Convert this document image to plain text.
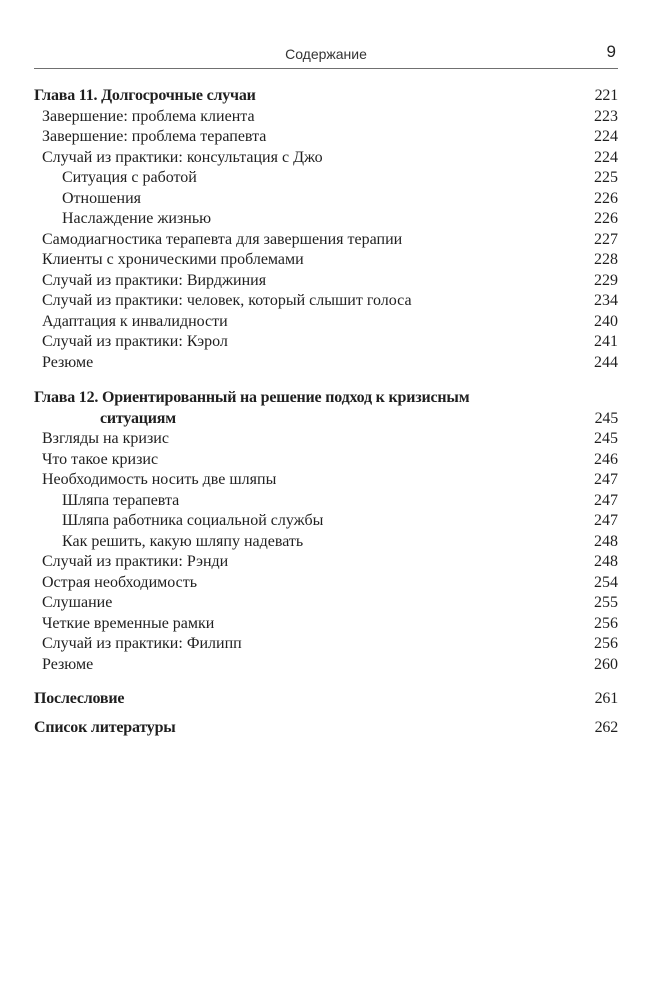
Содержание	9
Глава 11. Долгосрочные случаи	221
Завершение: проблема клиента	223
Завершение: проблема терапевта	224
Случай из практики: консультация с Джо	224
Ситуация с работой	225
Отношения	226
Наслаждение жизнью	226
Самодиагностика терапевта для завершения терапии	227
Клиенты с хроническими проблемами	228
Случай из практики: Вирджиния	229
Случай из практики: человек, который слышит голоса	234
Адаптация к инвалидности	240
Случай из практики: Кэрол	241
Резюме	244
Глава 12. Ориентированный на решение подход к кризисным
ситуациям	245
Взгляды на кризис	245
Что такое кризис	246
Необходимость носить две шляпы	247
Шляпа терапевта	247
Шляпа работника социальной службы	247
Как решить, какую шляпу надевать	248
Случай из практики: Рэнди	248
Острая необходимость	254
Слушание	255
Четкие временные рамки	256
Случай из практики: Филипп	256
Резюме	260
Послесловие	261
Список литературы	262
